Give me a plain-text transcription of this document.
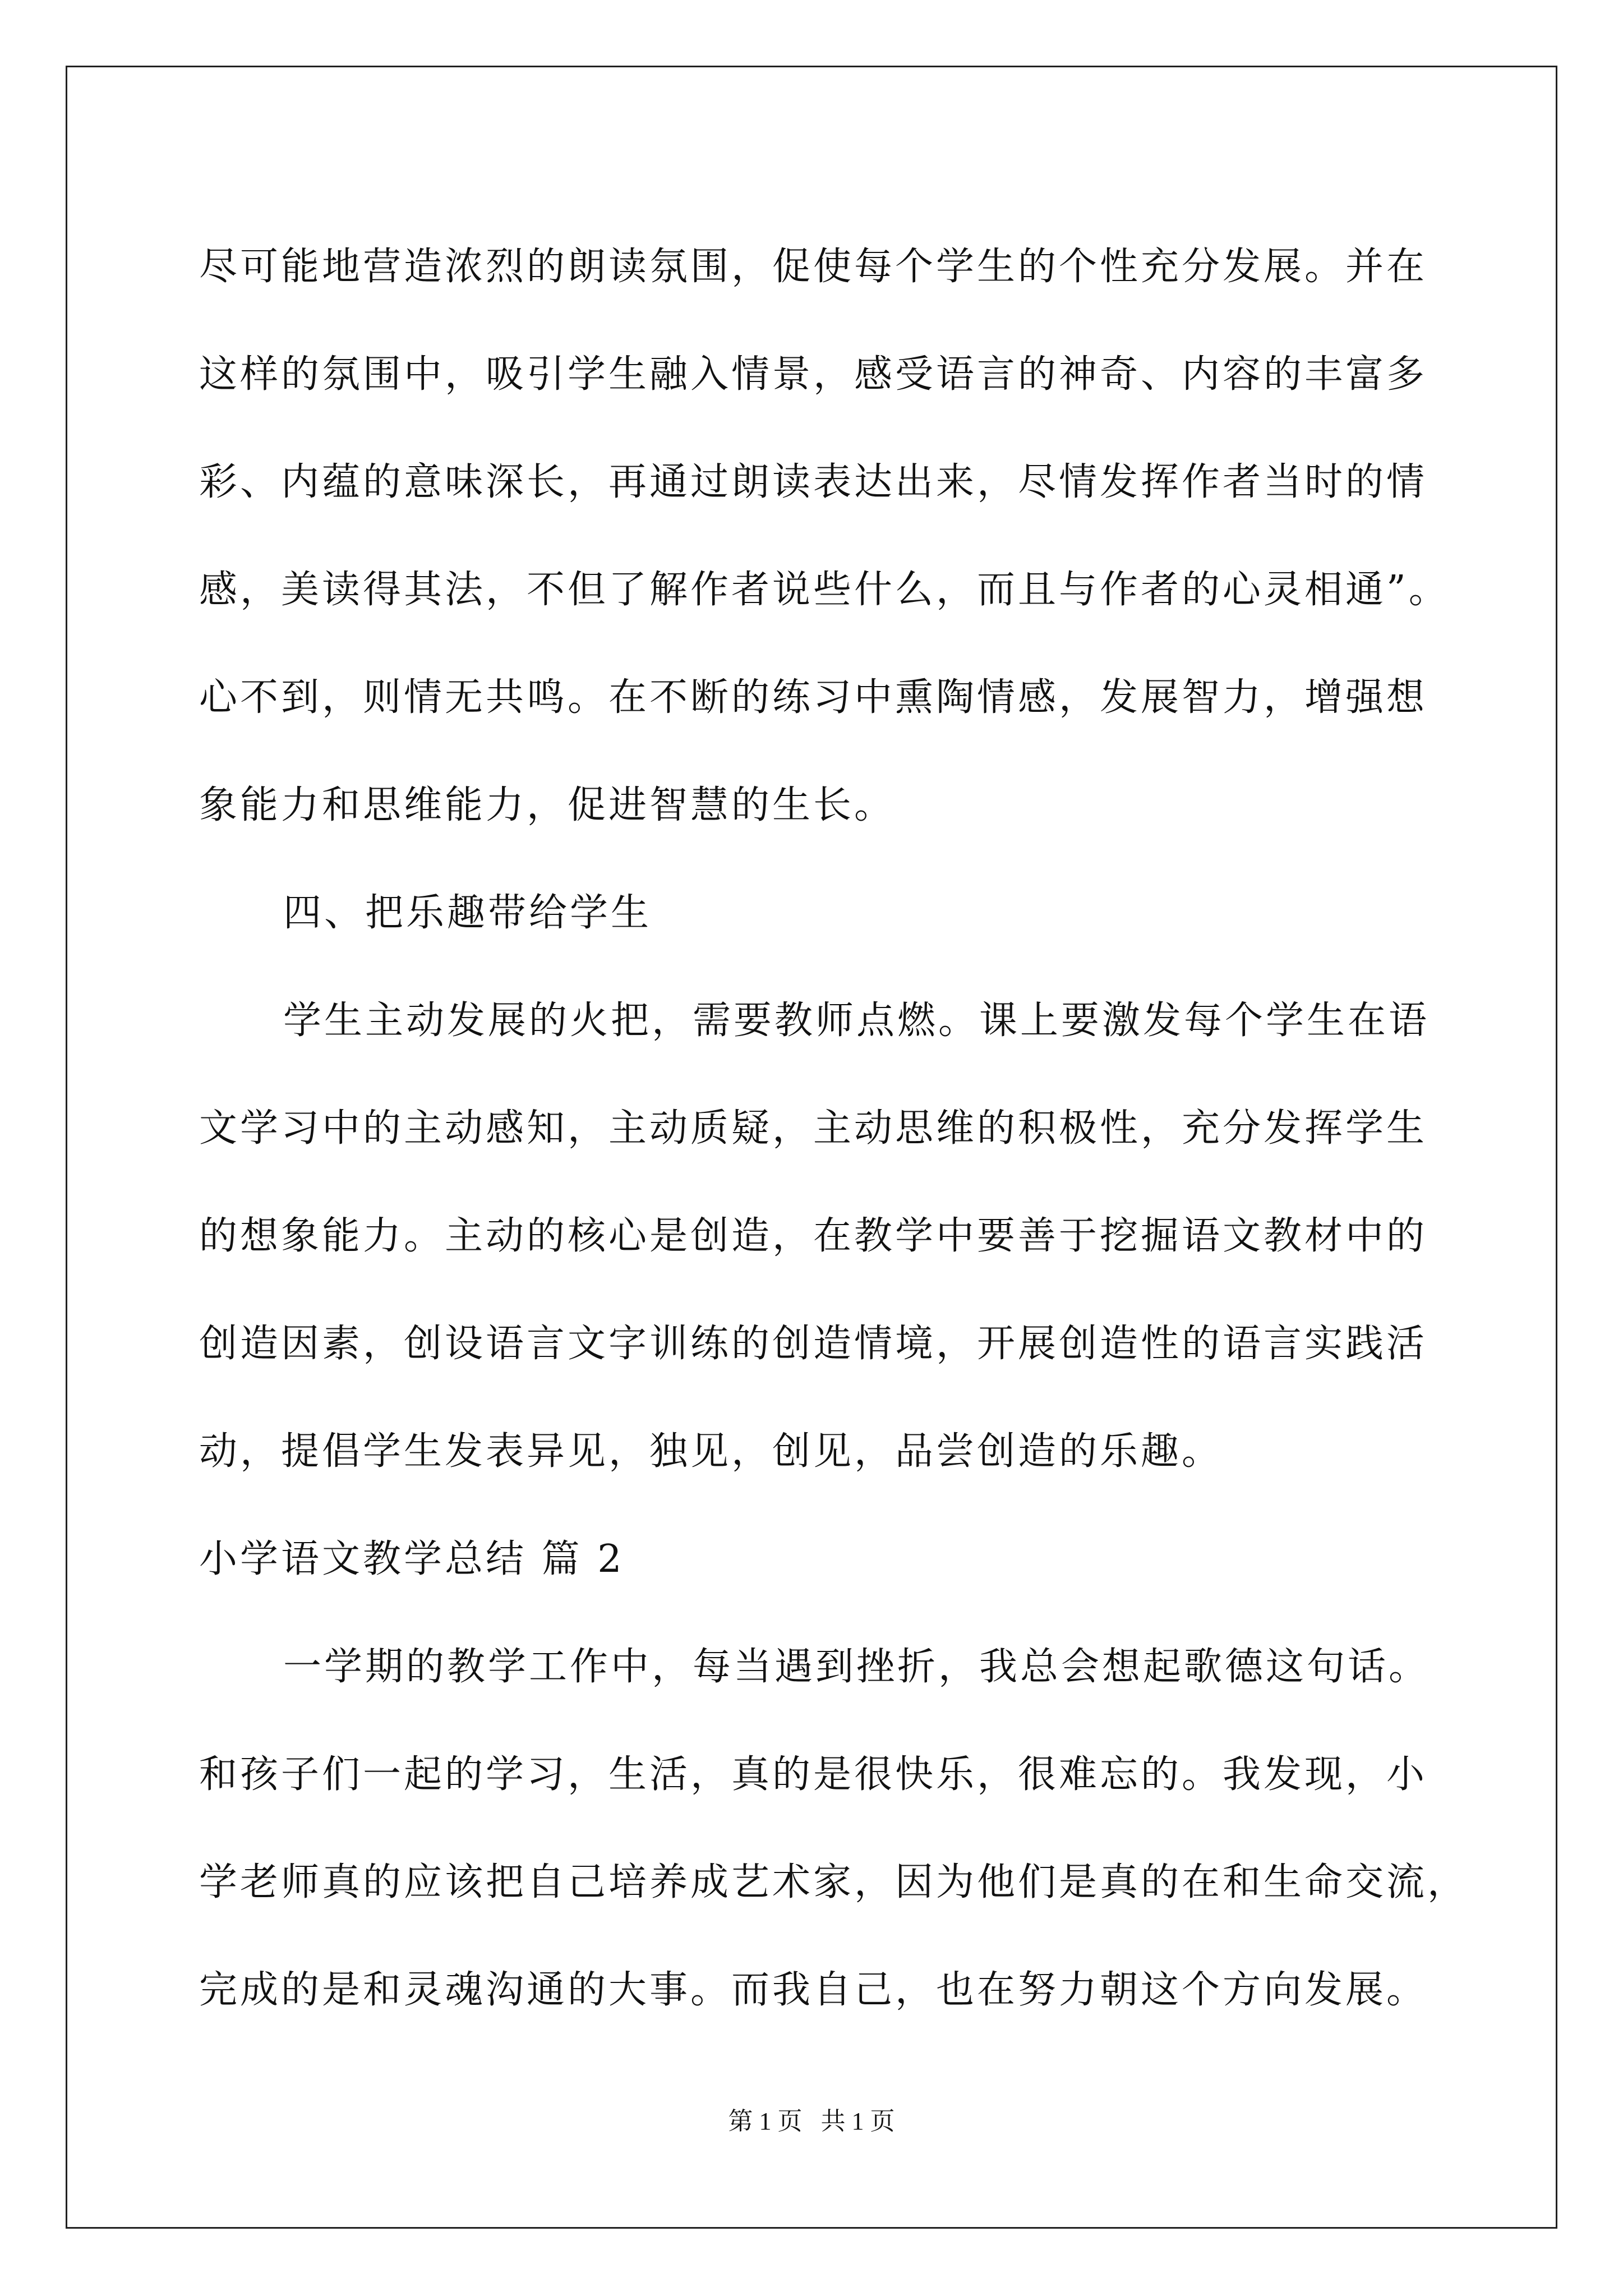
尽可能地营造浓烈的朗读氛围，促使每个学生的个性充分发展。并在

这样的氛围中，吸引学生融入情景，感受语言的神奇、内容的丰富多

彩、内蕴的意味深长，再通过朗读表达出来，尽情发挥作者当时的情

感，美读得其法，不但了解作者说些什么，而且与作者的心灵相通”。

心不到，则情无共鸣。在不断的练习中熏陶情感，发展智力，增强想

象能力和思维能力，促进智慧的生长。

四、把乐趣带给学生

学生主动发展的火把，需要教师点燃。课上要激发每个学生在语

文学习中的主动感知，主动质疑，主动思维的积极性，充分发挥学生

的想象能力。主动的核心是创造，在教学中要善于挖掘语文教材中的

创造因素，创设语言文字训练的创造情境，开展创造性的语言实践活

动，提倡学生发表异见，独见，创见，品尝创造的乐趣。

小学语文教学总结 篇 2

一学期的教学工作中，每当遇到挫折，我总会想起歌德这句话。

和孩子们一起的学习，生活，真的是很快乐，很难忘的。我发现，小

学老师真的应该把自己培养成艺术家，因为他们是真的在和生命交流，

完成的是和灵魂沟通的大事。而我自己，也在努力朝这个方向发展。

第 1 页   共 1 页
